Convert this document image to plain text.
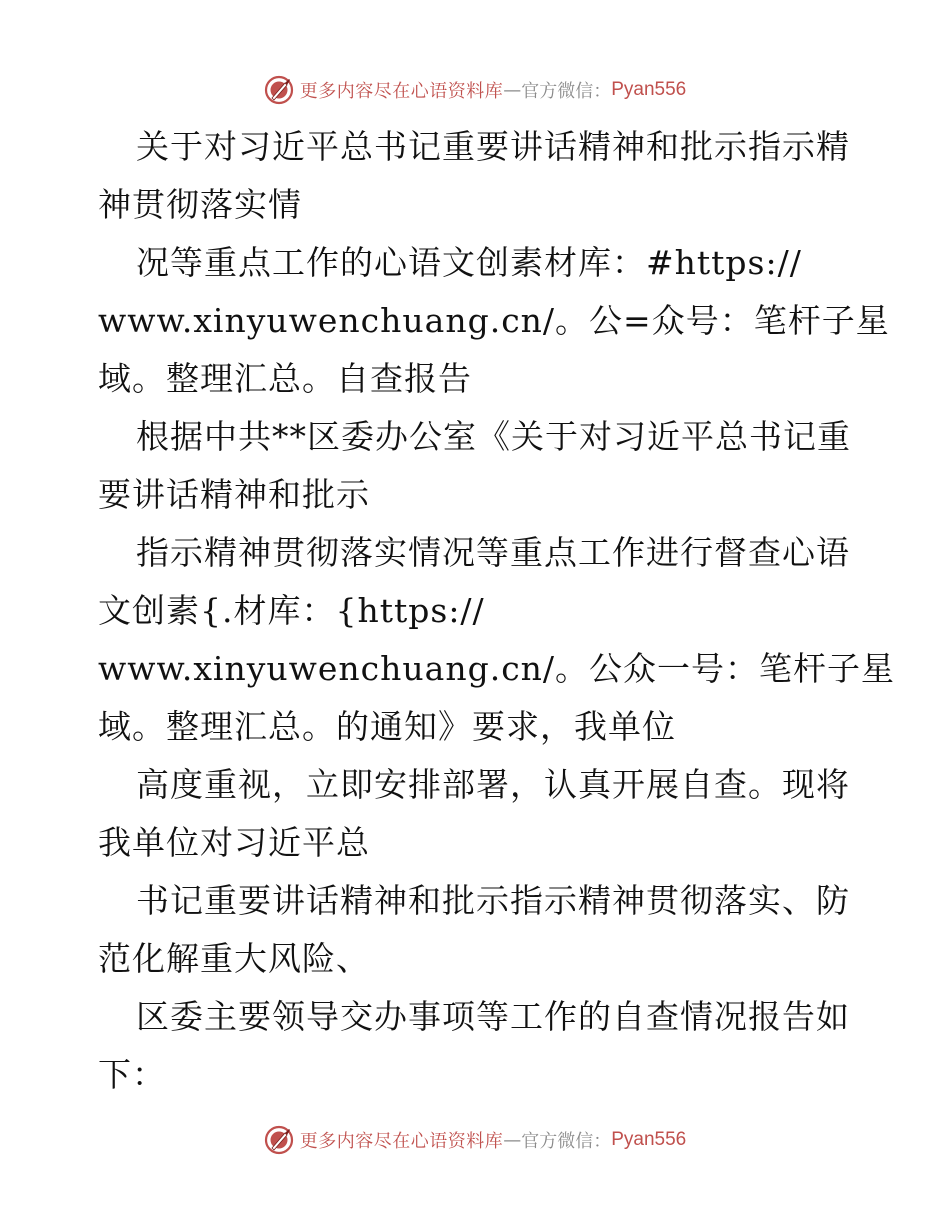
更多内容尽在心语资料库 — 官方微信： Pyan556
关于对习近平总书记重要讲话精神和批示指示精
神贯彻落实情
况等重点工作的心语文创素材库：#https://
www.xinyuwenchuang.cn/。公=众号：笔杆子星
域。整理汇总。自查报告
根据中共**区委办公室《关于对习近平总书记重
要讲话精神和批示
指示精神贯彻落实情况等重点工作进行督查心语
文创素{.材库：{https://
www.xinyuwenchuang.cn/。公众一号：笔杆子星
域。整理汇总。的通知》要求，我单位
高度重视，立即安排部署，认真开展自查。现将
我单位对习近平总
书记重要讲话精神和批示指示精神贯彻落实、防
范化解重大风险、
区委主要领导交办事项等工作的自查情况报告如
下：
更多内容尽在心语资料库 — 官方微信： Pyan556
